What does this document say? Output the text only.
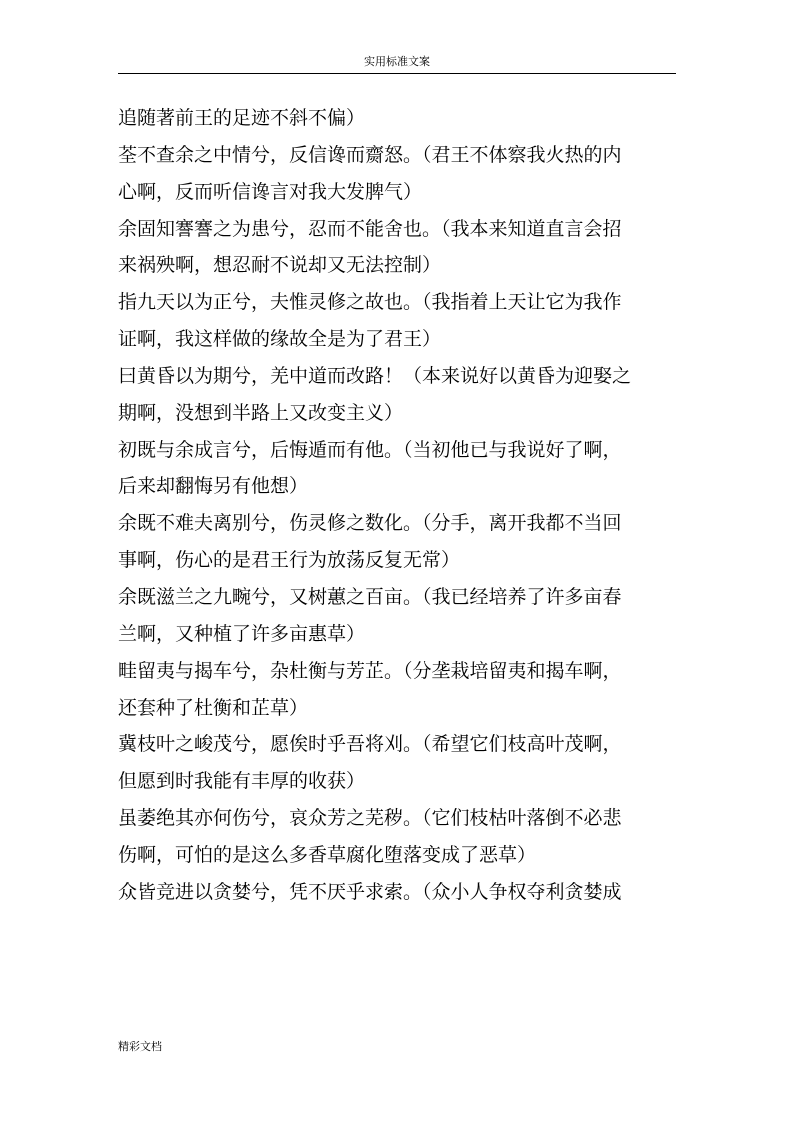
实用标准文案
追随著前王的足迹不斜不偏）
荃不查余之中情兮，反信谗而齌怒。（君王不体察我火热的内
心啊，反而听信谗言对我大发脾气）
余固知謇謇之为患兮，忍而不能舍也。（我本来知道直言会招
来祸殃啊，想忍耐不说却又无法控制）
指九天以为正兮，夫惟灵修之故也。（我指着上天让它为我作
证啊，我这样做的缘故全是为了君王）
曰黄昏以为期兮，羌中道而改路！（本来说好以黄昏为迎娶之
期啊，没想到半路上又改变主义）
初既与余成言兮，后悔遁而有他。（当初他已与我说好了啊，
后来却翻悔另有他想）
余既不难夫离别兮，伤灵修之数化。（分手，离开我都不当回
事啊，伤心的是君王行为放荡反复无常）
余既滋兰之九畹兮，又树蕙之百亩。（我已经培养了许多亩春
兰啊，又种植了许多亩惠草）
畦留夷与揭车兮，杂杜衡与芳芷。（分垄栽培留夷和揭车啊，
还套种了杜衡和芷草）
冀枝叶之峻茂兮，愿俟时乎吾将刈。（希望它们枝高叶茂啊，
但愿到时我能有丰厚的收获）
虽萎绝其亦何伤兮，哀众芳之芜秽。（它们枝枯叶落倒不必悲
伤啊，可怕的是这么多香草腐化堕落变成了恶草）
众皆竞进以贪婪兮，凭不厌乎求索。（众小人争权夺利贪婪成
精彩文档
